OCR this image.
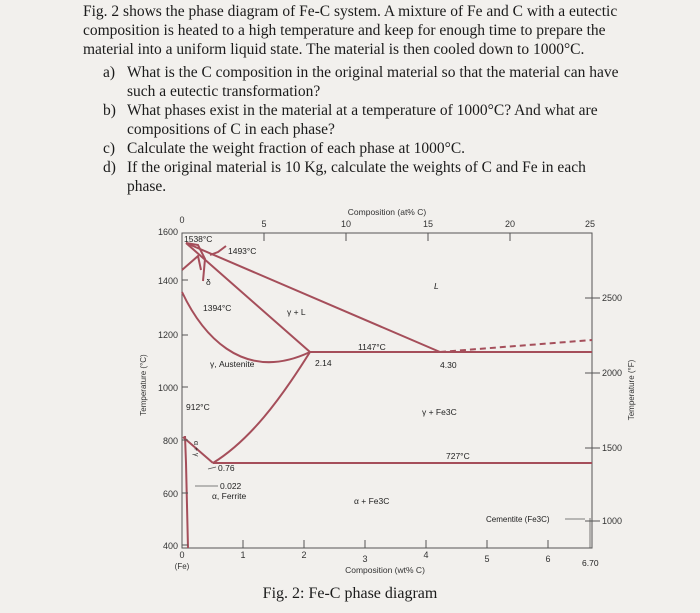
Fig. 2 shows the phase diagram of Fe-C system. A mixture of Fe and C with a eutectic composition is heated to a high temperature and keep for enough time to prepare the material into a uniform liquid state. The material is then cooled down to 1000°C.

a) What is the C composition in the original material so that the material can have
such a eutectic transformation?
b) What phases exist in the material at a temperature of 1000°C? And what are
compositions of C in each phase?
c) Calculate the weight fraction of each phase at 1000°C.
d) If the original material is 10 Kg, calculate the weights of C and Fe in each
phase.
1600
1400
1200
1000
800
600
400
2500
2000
1500
1000
0	5	10	15	20	25
Composition (at% C)
0	1	2	3	4	5	6
(Fe)	Composition (wt% C)
Temperature (°C)	Temperature (°F)
1538°C
1493°C
1394°C
1147°C
912°C
727°C
2.14	4.30
0.76
0.022
6.70
L
γ + L
δ
γ, Austenite
γ + Fe3C
α + Fe3C
α, Ferrite
α + γ
Cementite (Fe3C)
Fig. 2: Fe-C phase diagram
